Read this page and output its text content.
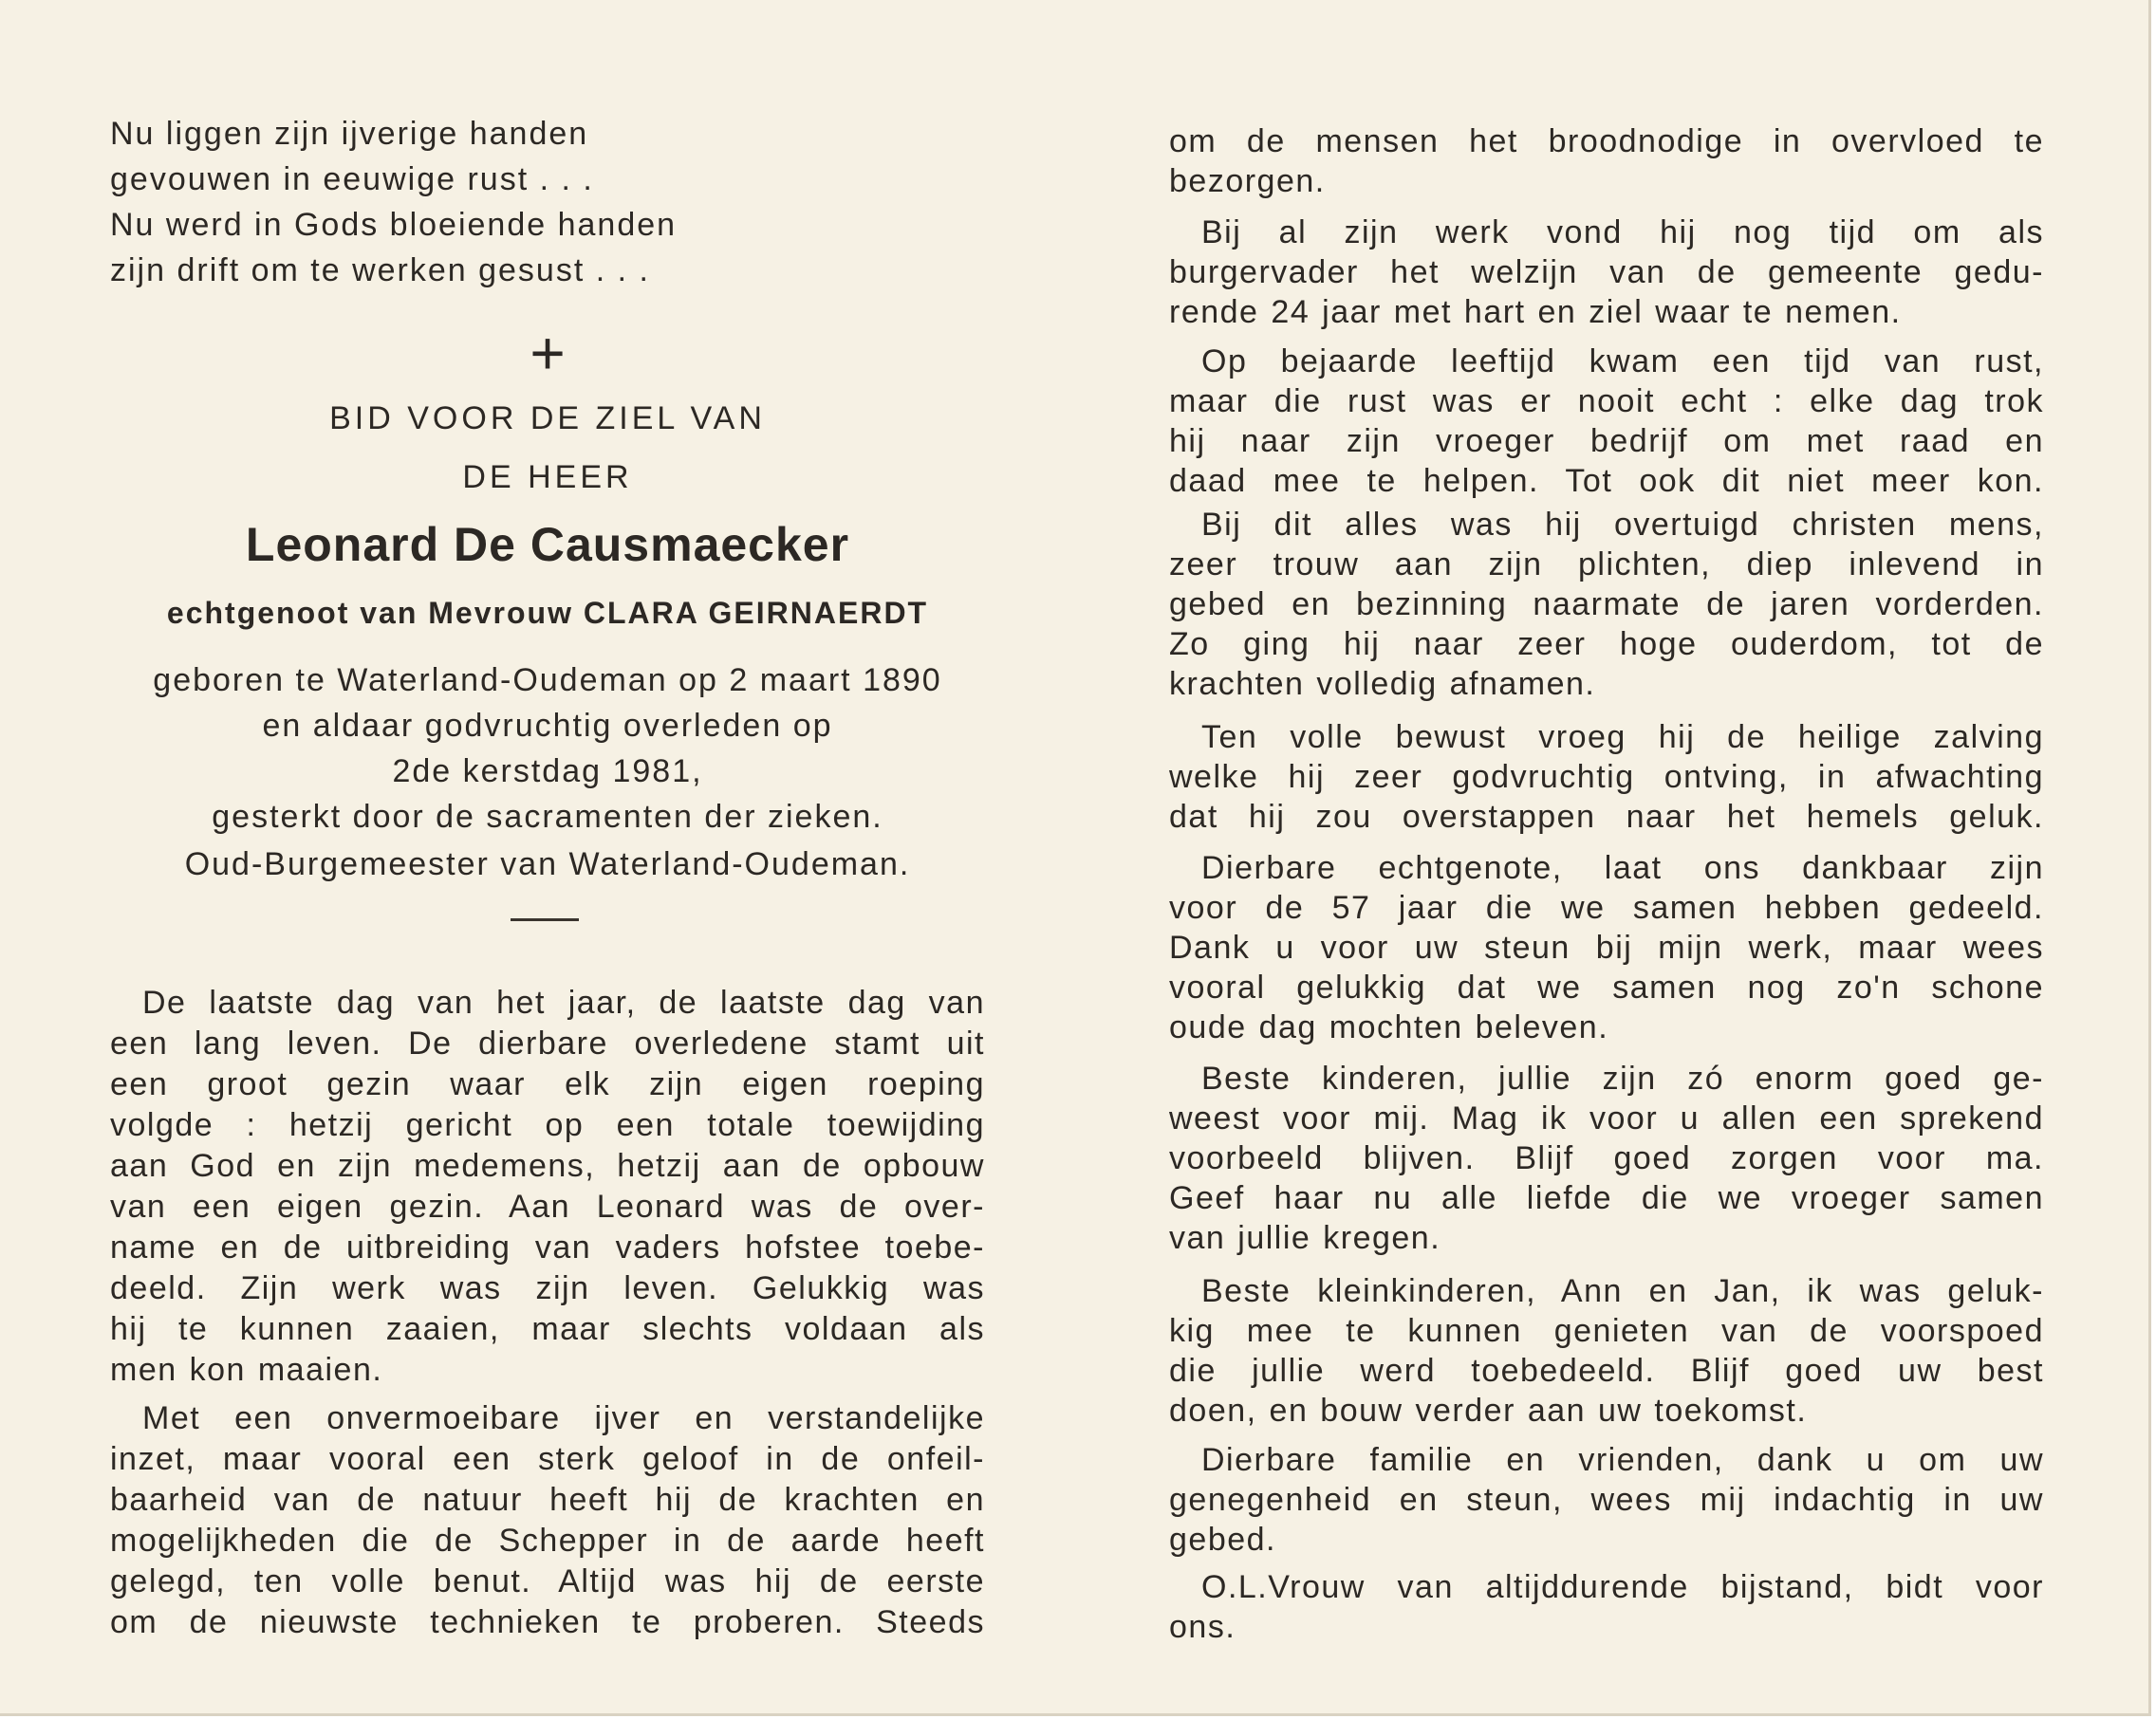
Nu liggen zijn ijverige handen
gevouwen in eeuwige rust . . .
Nu werd in Gods bloeiende handen
zijn drift om te werken gesust . . .
+
BID VOOR DE ZIEL VAN
DE HEER
Leonard De Causmaecker
echtgenoot van Mevrouw CLARA GEIRNAERDT
geboren te Waterland-Oudeman op 2 maart 1890
en aldaar godvruchtig overleden op
2de kerstdag 1981,
gesterkt door de sacramenten der zieken.
Oud-Burgemeester van Waterland-Oudeman.
De laatste dag van het jaar, de laatste dag van
een lang leven. De dierbare overledene stamt uit
een groot gezin waar elk zijn eigen roeping
volgde : hetzij gericht op een totale toewijding
aan God en zijn medemens, hetzij aan de opbouw
van een eigen gezin. Aan Leonard was de over-
name en de uitbreiding van vaders hofstee toebe-
deeld. Zijn werk was zijn leven. Gelukkig was
hij te kunnen zaaien, maar slechts voldaan als
men kon maaien.
Met een onvermoeibare ijver en verstandelijke
inzet, maar vooral een sterk geloof in de onfeil-
baarheid van de natuur heeft hij de krachten en
mogelijkheden die de Schepper in de aarde heeft
gelegd, ten volle benut. Altijd was hij de eerste
om de nieuwste technieken te proberen. Steeds
om de mensen het broodnodige in overvloed te
bezorgen.
Bij al zijn werk vond hij nog tijd om als
burgervader het welzijn van de gemeente gedu-
rende 24 jaar met hart en ziel waar te nemen.
Op bejaarde leeftijd kwam een tijd van rust,
maar die rust was er nooit echt : elke dag trok
hij naar zijn vroeger bedrijf om met raad en
daad mee te helpen. Tot ook dit niet meer kon.
Bij dit alles was hij overtuigd christen mens,
zeer trouw aan zijn plichten, diep inlevend in
gebed en bezinning naarmate de jaren vorderden.
Zo ging hij naar zeer hoge ouderdom, tot de
krachten volledig afnamen.
Ten volle bewust vroeg hij de heilige zalving
welke hij zeer godvruchtig ontving, in afwachting
dat hij zou overstappen naar het hemels geluk.
Dierbare echtgenote, laat ons dankbaar zijn
voor de 57 jaar die we samen hebben gedeeld.
Dank u voor uw steun bij mijn werk, maar wees
vooral gelukkig dat we samen nog zo'n schone
oude dag mochten beleven.
Beste kinderen, jullie zijn zó enorm goed ge-
weest voor mij. Mag ik voor u allen een sprekend
voorbeeld blijven. Blijf goed zorgen voor ma.
Geef haar nu alle liefde die we vroeger samen
van jullie kregen.
Beste kleinkinderen, Ann en Jan, ik was geluk-
kig mee te kunnen genieten van de voorspoed
die jullie werd toebedeeld. Blijf goed uw best
doen, en bouw verder aan uw toekomst.
Dierbare familie en vrienden, dank u om uw
genegenheid en steun, wees mij indachtig in uw
gebed.
O.L.Vrouw van altijddurende bijstand, bidt voor
ons.
